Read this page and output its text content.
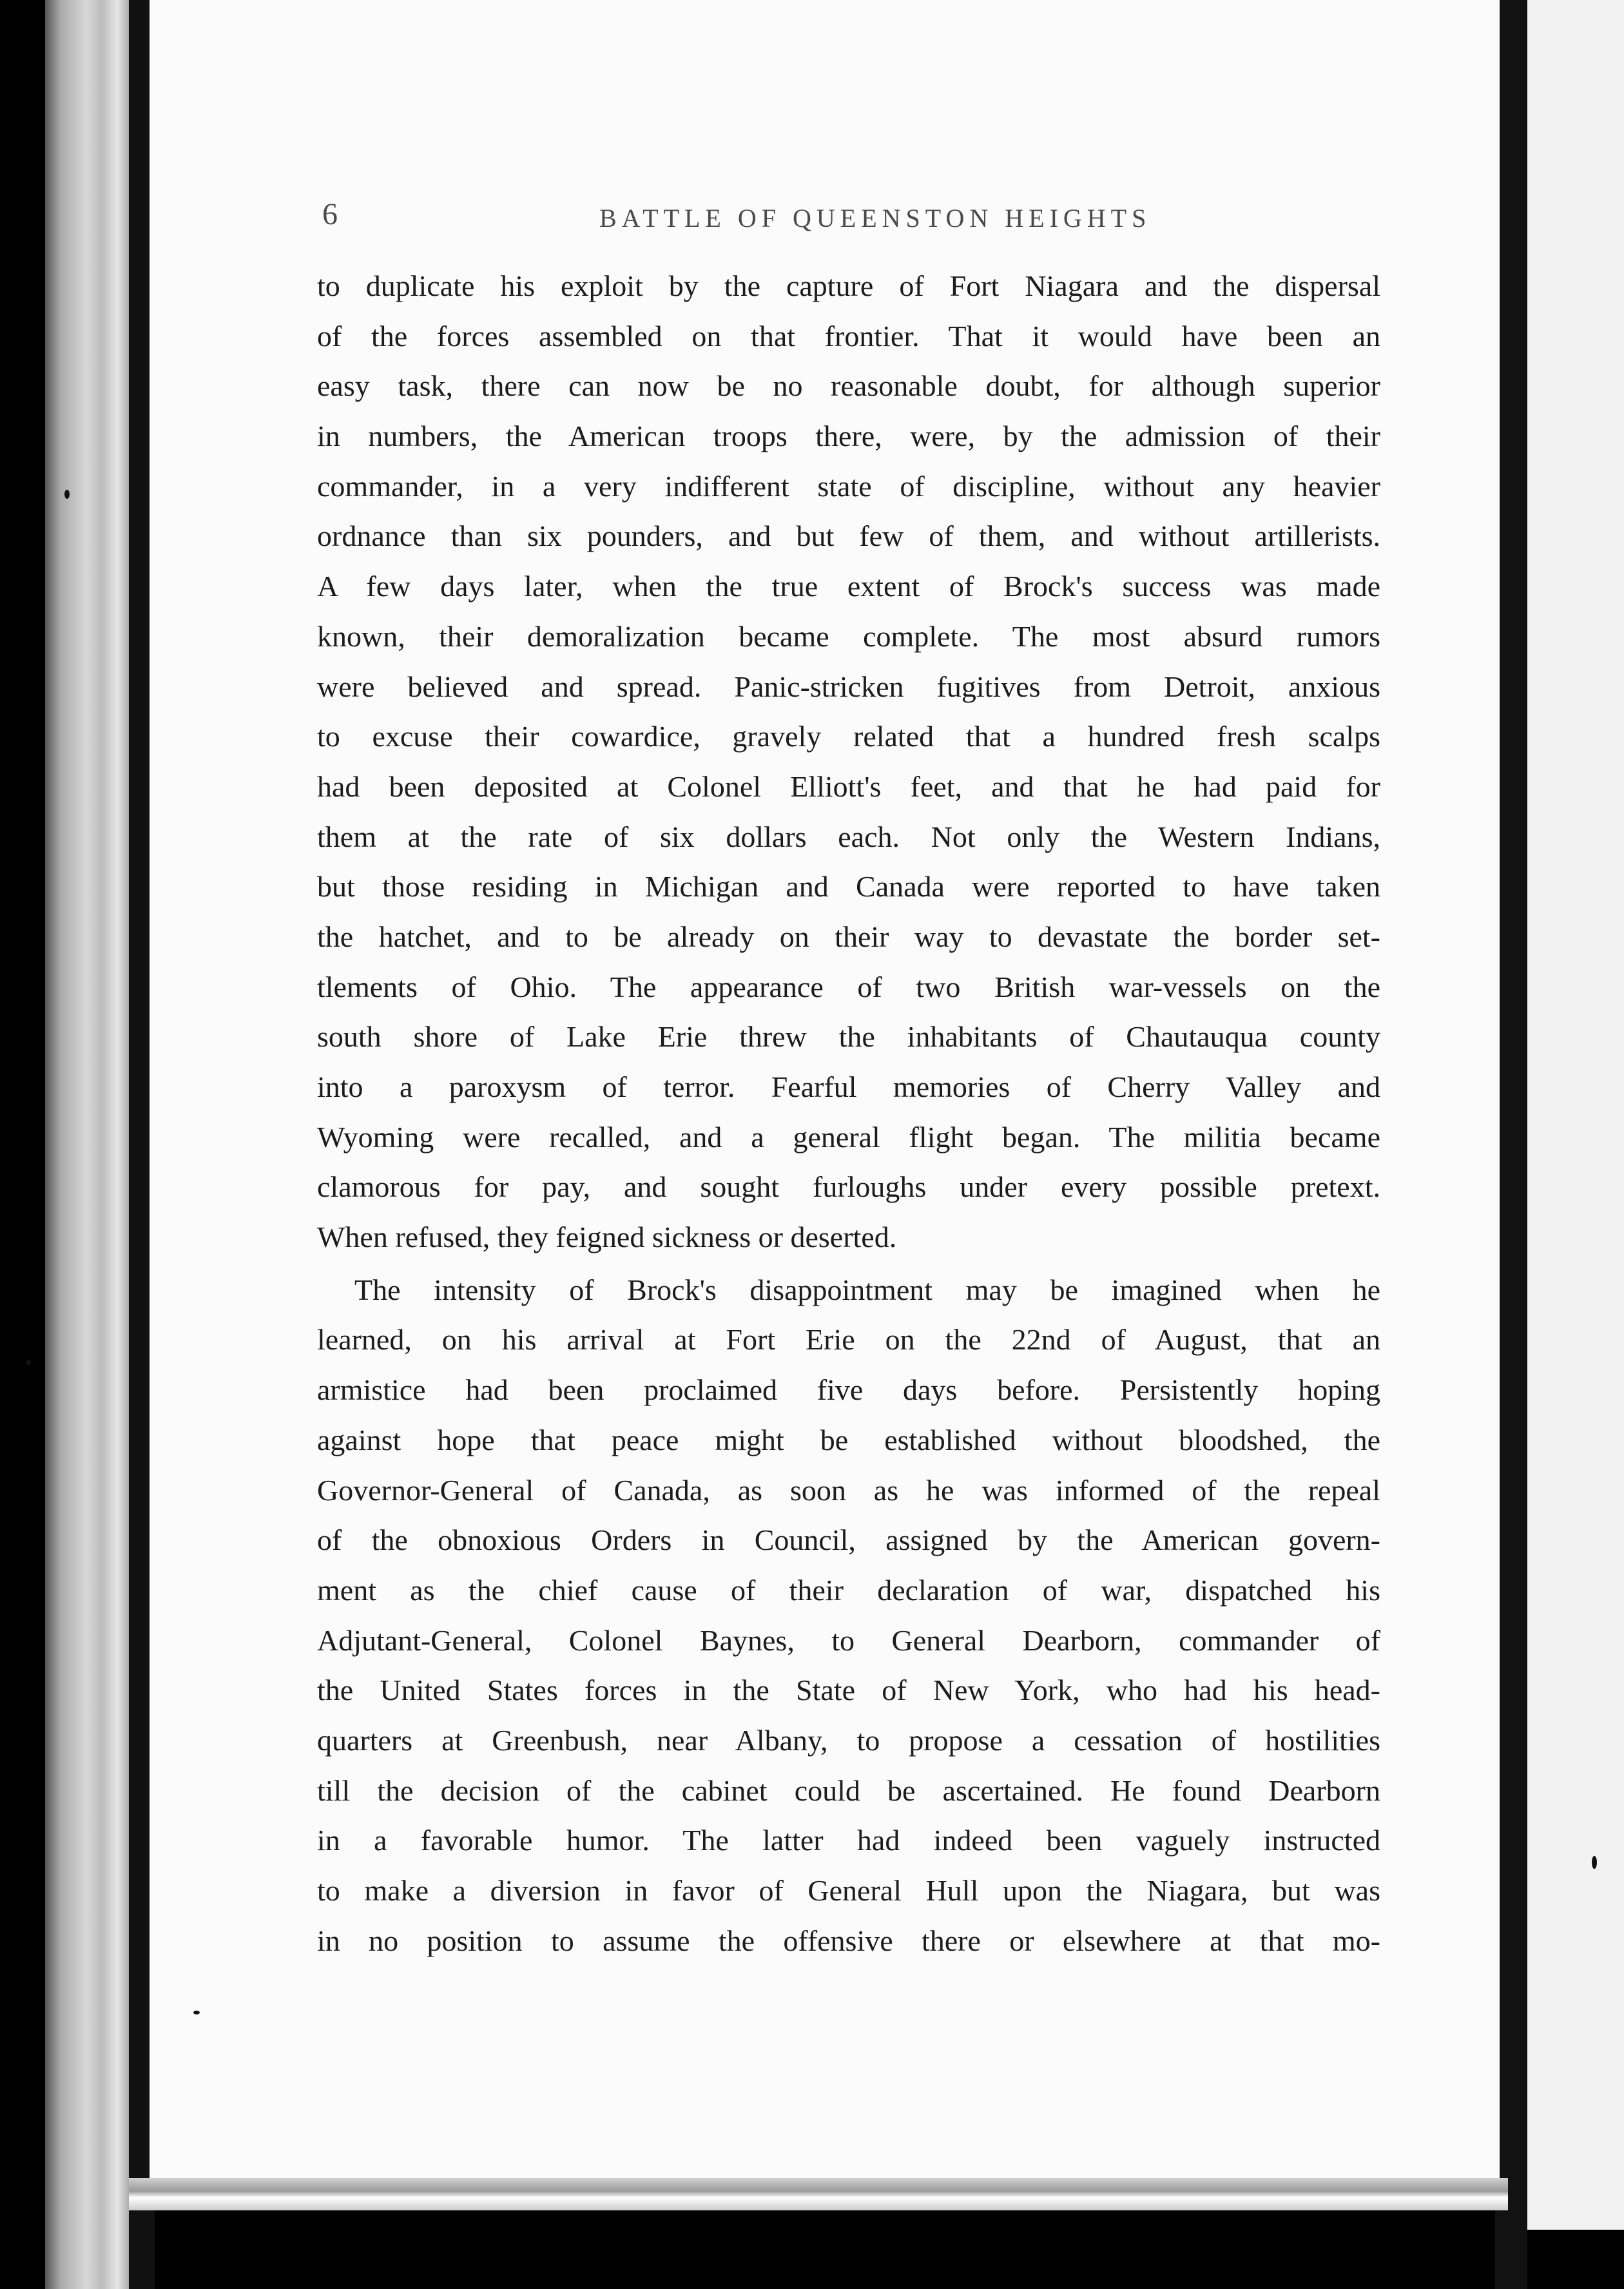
6	BATTLE OF QUEENSTON HEIGHTS
to duplicate his exploit by the capture of Fort Niagara and the dispersal
of the forces assembled on that frontier. That it would have been an
easy task, there can now be no reasonable doubt, for although superior
in numbers, the American troops there, were, by the admission of their
commander, in a very indifferent state of discipline, without any heavier
ordnance than six pounders, and but few of them, and without artillerists.
A few days later, when the true extent of Brock's success was made
known, their demoralization became complete. The most absurd rumors
were believed and spread. Panic-stricken fugitives from Detroit, anxious
to excuse their cowardice, gravely related that a hundred fresh scalps
had been deposited at Colonel Elliott's feet, and that he had paid for
them at the rate of six dollars each. Not only the Western Indians,
but those residing in Michigan and Canada were reported to have taken
the hatchet, and to be already on their way to devastate the border set-
tlements of Ohio. The appearance of two British war-vessels on the
south shore of Lake Erie threw the inhabitants of Chautauqua county
into a paroxysm of terror. Fearful memories of Cherry Valley and
Wyoming were recalled, and a general flight began. The militia became
clamorous for pay, and sought furloughs under every possible pretext.
When refused, they feigned sickness or deserted.
The intensity of Brock's disappointment may be imagined when he
learned, on his arrival at Fort Erie on the 22nd of August, that an
armistice had been proclaimed five days before. Persistently hoping
against hope that peace might be established without bloodshed, the
Governor-General of Canada, as soon as he was informed of the repeal
of the obnoxious Orders in Council, assigned by the American govern-
ment as the chief cause of their declaration of war, dispatched his
Adjutant-General, Colonel Baynes, to General Dearborn, commander of
the United States forces in the State of New York, who had his head-
quarters at Greenbush, near Albany, to propose a cessation of hostilities
till the decision of the cabinet could be ascertained. He found Dearborn
in a favorable humor. The latter had indeed been vaguely instructed
to make a diversion in favor of General Hull upon the Niagara, but was
in no position to assume the offensive there or elsewhere at that mo-
